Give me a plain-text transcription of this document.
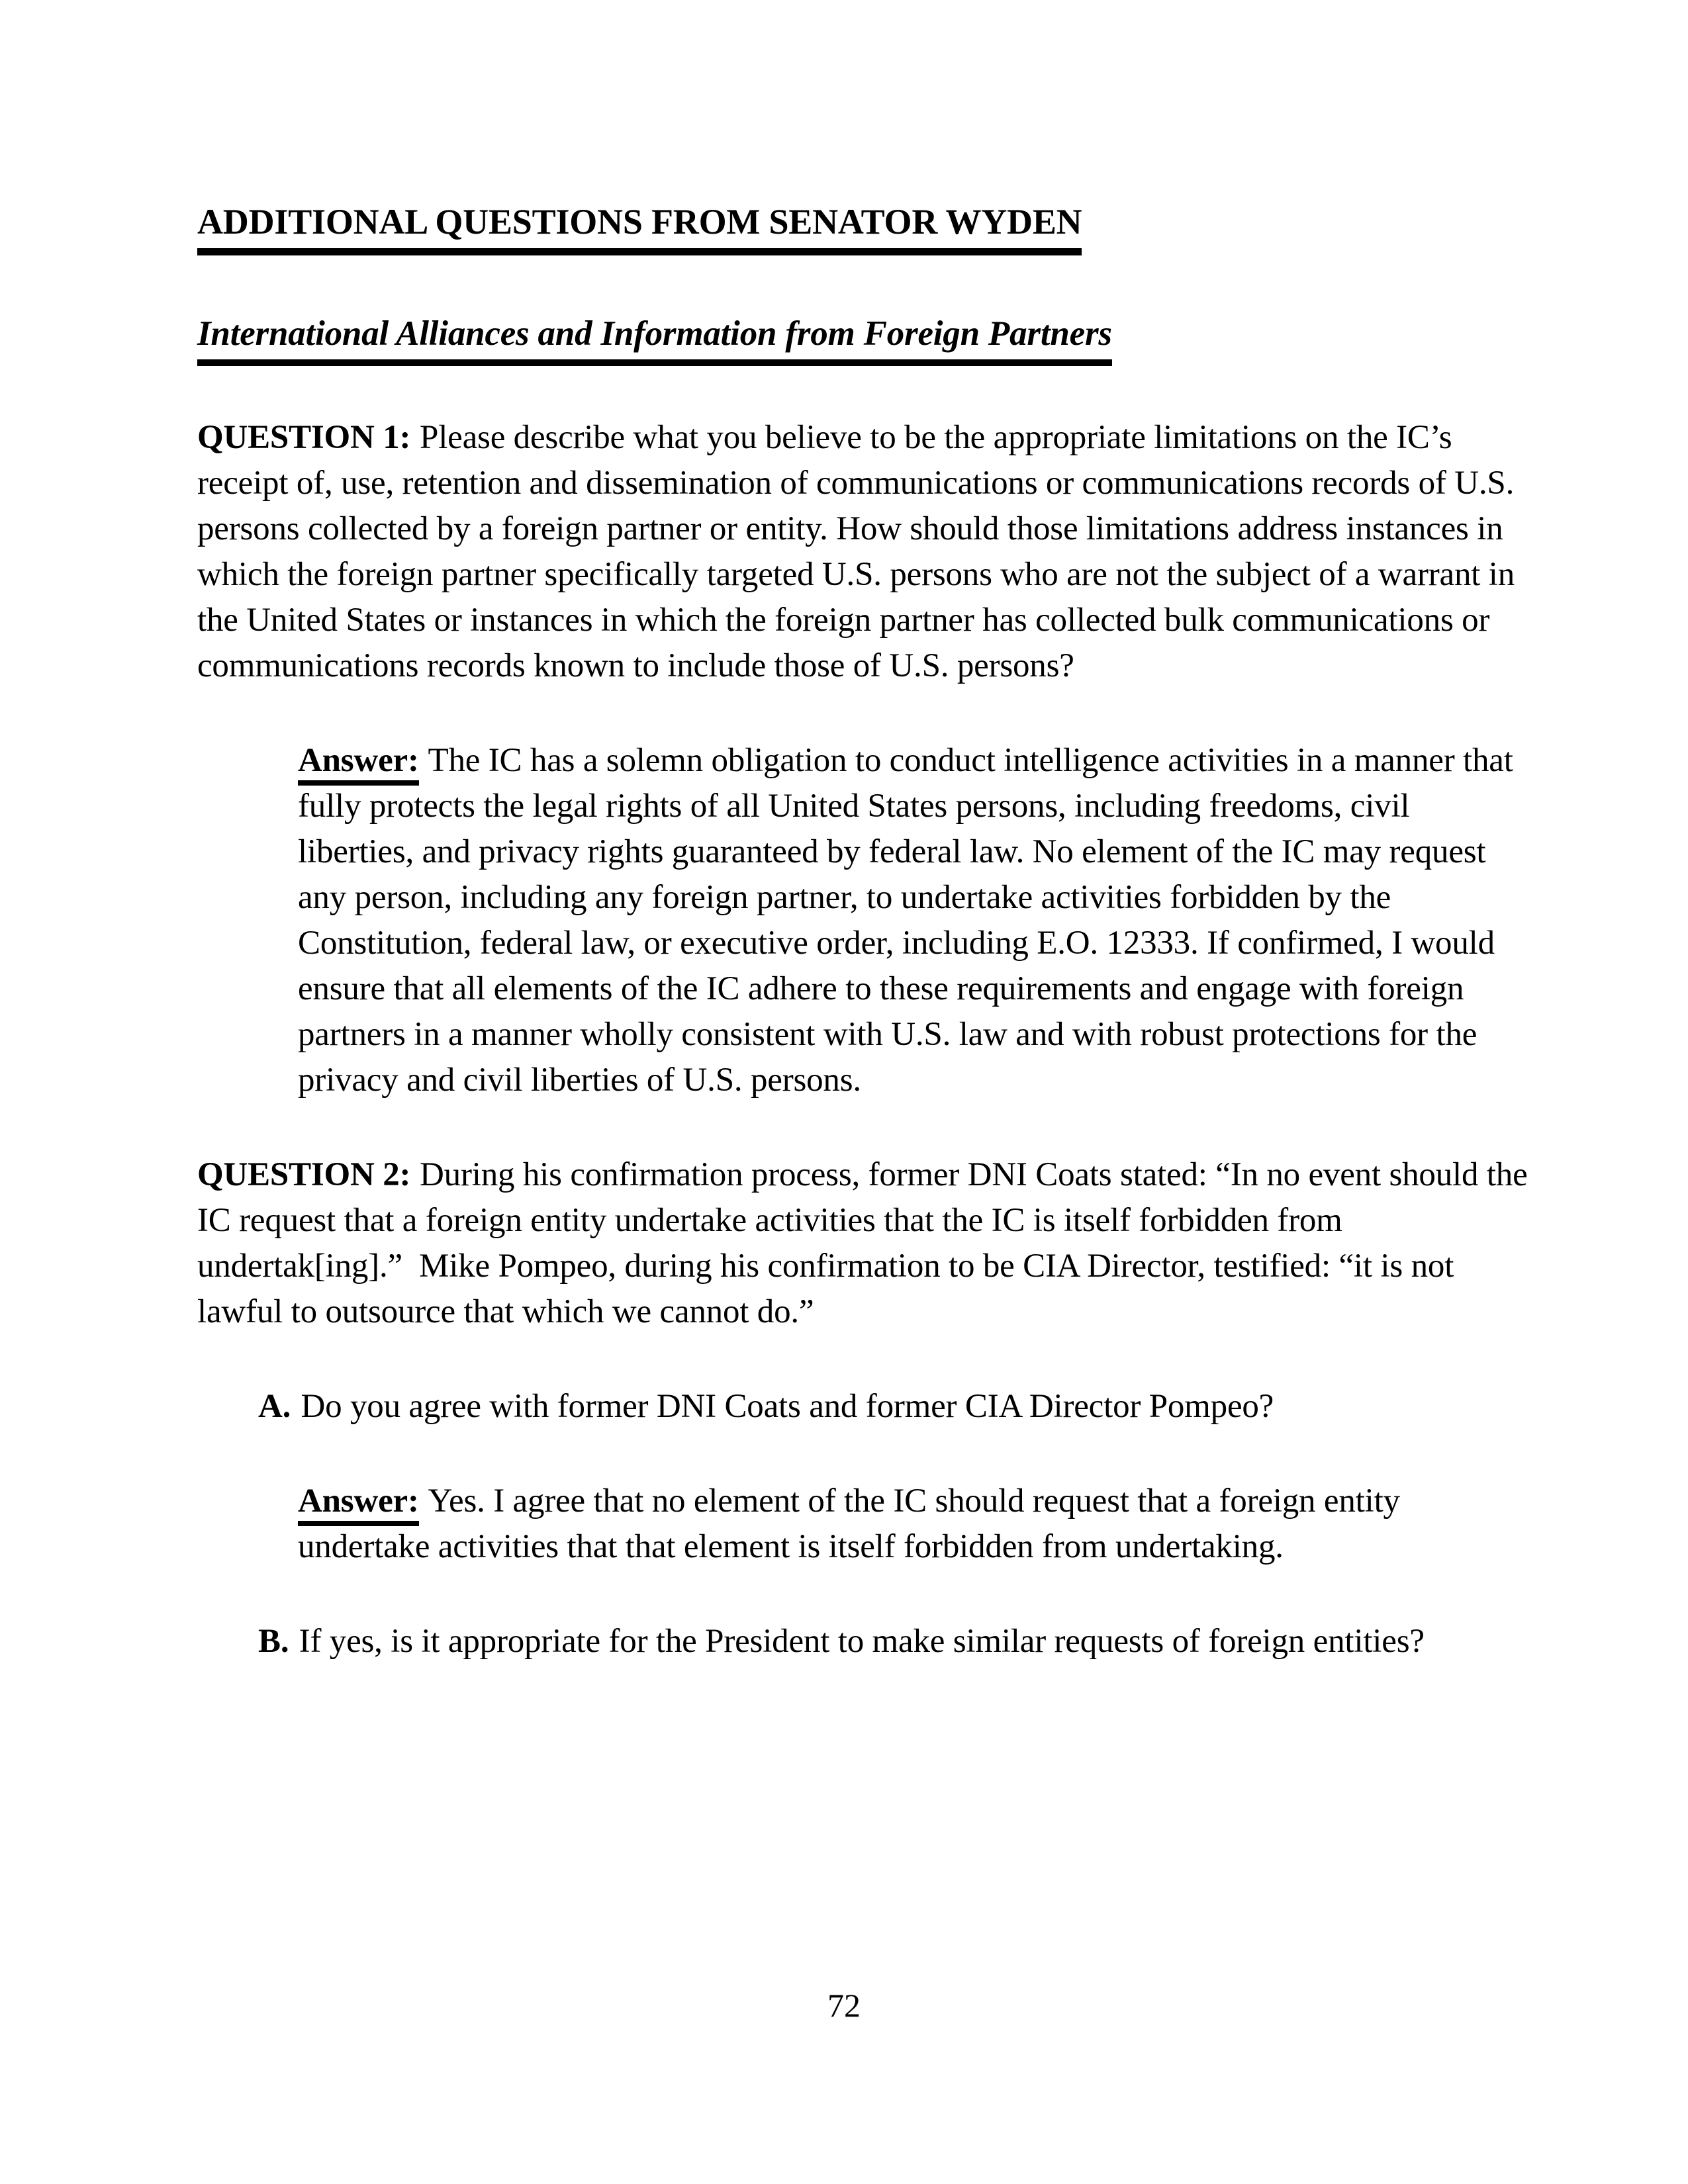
ADDITIONAL QUESTIONS FROM SENATOR WYDEN
International Alliances and Information from Foreign Partners

QUESTION 1: Please describe what you believe to be the appropriate limitations on the IC’s receipt of, use, retention and dissemination of communications or communications records of U.S. persons collected by a foreign partner or entity. How should those limitations address instances in which the foreign partner specifically targeted U.S. persons who are not the subject of a warrant in the United States or instances in which the foreign partner has collected bulk communications or communications records known to include those of U.S. persons?

Answer: The IC has a solemn obligation to conduct intelligence activities in a manner that fully protects the legal rights of all United States persons, including freedoms, civil liberties, and privacy rights guaranteed by federal law. No element of the IC may request any person, including any foreign partner, to undertake activities forbidden by the Constitution, federal law, or executive order, including E.O. 12333. If confirmed, I would ensure that all elements of the IC adhere to these requirements and engage with foreign partners in a manner wholly consistent with U.S. law and with robust protections for the privacy and civil liberties of U.S. persons.

QUESTION 2: During his confirmation process, former DNI Coats stated: “In no event should the IC request that a foreign entity undertake activities that the IC is itself forbidden from undertak[ing].”  Mike Pompeo, during his confirmation to be CIA Director, testified: “it is not lawful to outsource that which we cannot do.”

A. Do you agree with former DNI Coats and former CIA Director Pompeo?

Answer: Yes. I agree that no element of the IC should request that a foreign entity undertake activities that that element is itself forbidden from undertaking.

B. If yes, is it appropriate for the President to make similar requests of foreign entities?

72
